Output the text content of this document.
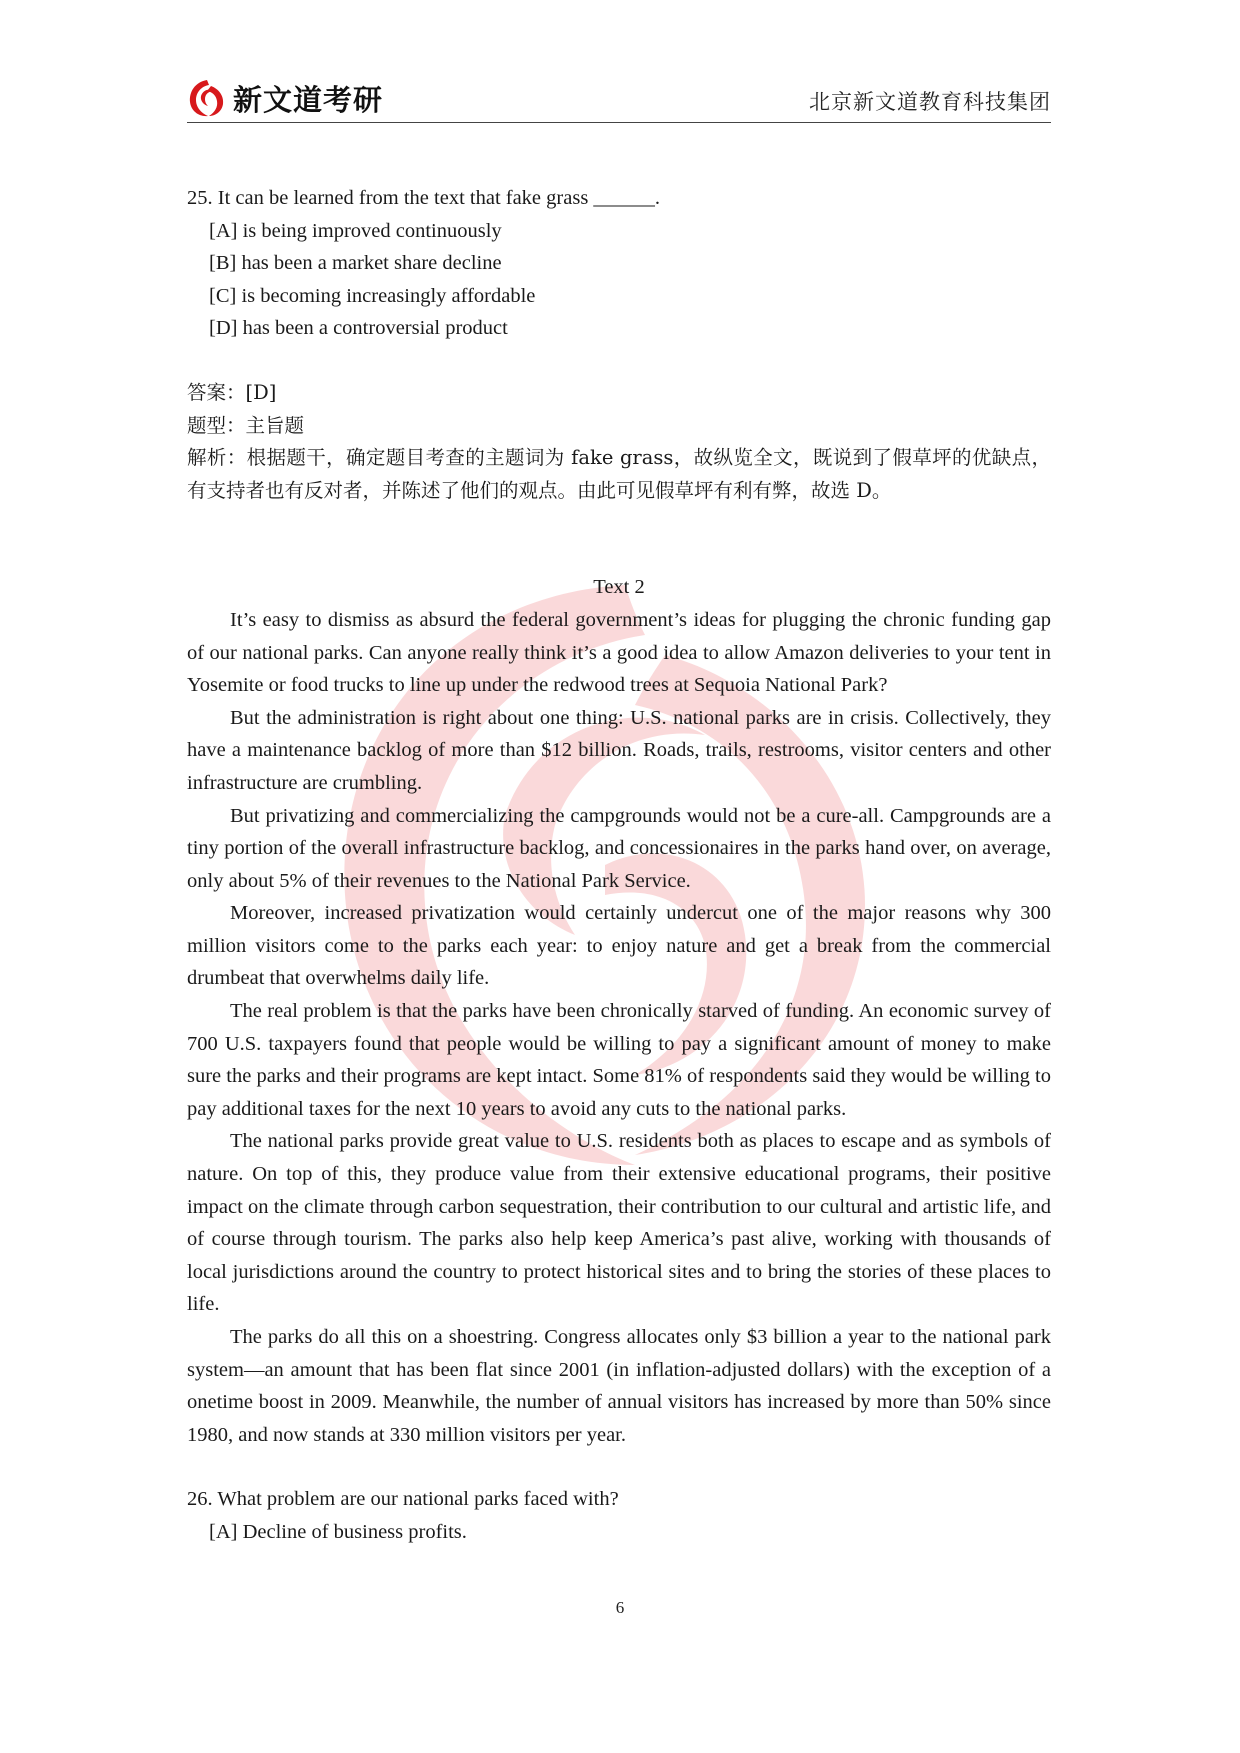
新文道考研	北京新文道教育科技集团

25. It can be learned from the text that fake grass ______.

[A] is being improved continuously

[B] has been a market share decline

[C] is becoming increasingly affordable

[D] has been a controversial product

答案：[D]

题型：主旨题

解析：根据题干，确定题目考查的主题词为 fake grass，故纵览全文，既说到了假草坪的优缺点，有支持者也有反对者，并陈述了他们的观点。由此可见假草坪有利有弊，故选 D。

Text 2

It’s easy to dismiss as absurd the federal government’s ideas for plugging the chronic funding gap of our national parks. Can anyone really think it’s a good idea to allow Amazon deliveries to your tent in Yosemite or food trucks to line up under the redwood trees at Sequoia National Park?

But the administration is right about one thing: U.S. national parks are in crisis. Collectively, they have a maintenance backlog of more than $12 billion. Roads, trails, restrooms, visitor centers and other infrastructure are crumbling.

But privatizing and commercializing the campgrounds would not be a cure-all. Campgrounds are a tiny portion of the overall infrastructure backlog, and concessionaires in the parks hand over, on average, only about 5% of their revenues to the National Park Service.

Moreover, increased privatization would certainly undercut one of the major reasons why 300 million visitors come to the parks each year: to enjoy nature and get a break from the commercial drumbeat that overwhelms daily life.

The real problem is that the parks have been chronically starved of funding. An economic survey of 700 U.S. taxpayers found that people would be willing to pay a significant amount of money to make sure the parks and their programs are kept intact. Some 81% of respondents said they would be willing to pay additional taxes for the next 10 years to avoid any cuts to the national parks.

The national parks provide great value to U.S. residents both as places to escape and as symbols of nature. On top of this, they produce value from their extensive educational programs, their positive impact on the climate through carbon sequestration, their contribution to our cultural and artistic life, and of course through tourism. The parks also help keep America’s past alive, working with thousands of local jurisdictions around the country to protect historical sites and to bring the stories of these places to life.

The parks do all this on a shoestring. Congress allocates only $3 billion a year to the national park system—an amount that has been flat since 2001 (in inflation-adjusted dollars) with the exception of a onetime boost in 2009. Meanwhile, the number of annual visitors has increased by more than 50% since 1980, and now stands at 330 million visitors per year.

26. What problem are our national parks faced with?

[A] Decline of business profits.

6
